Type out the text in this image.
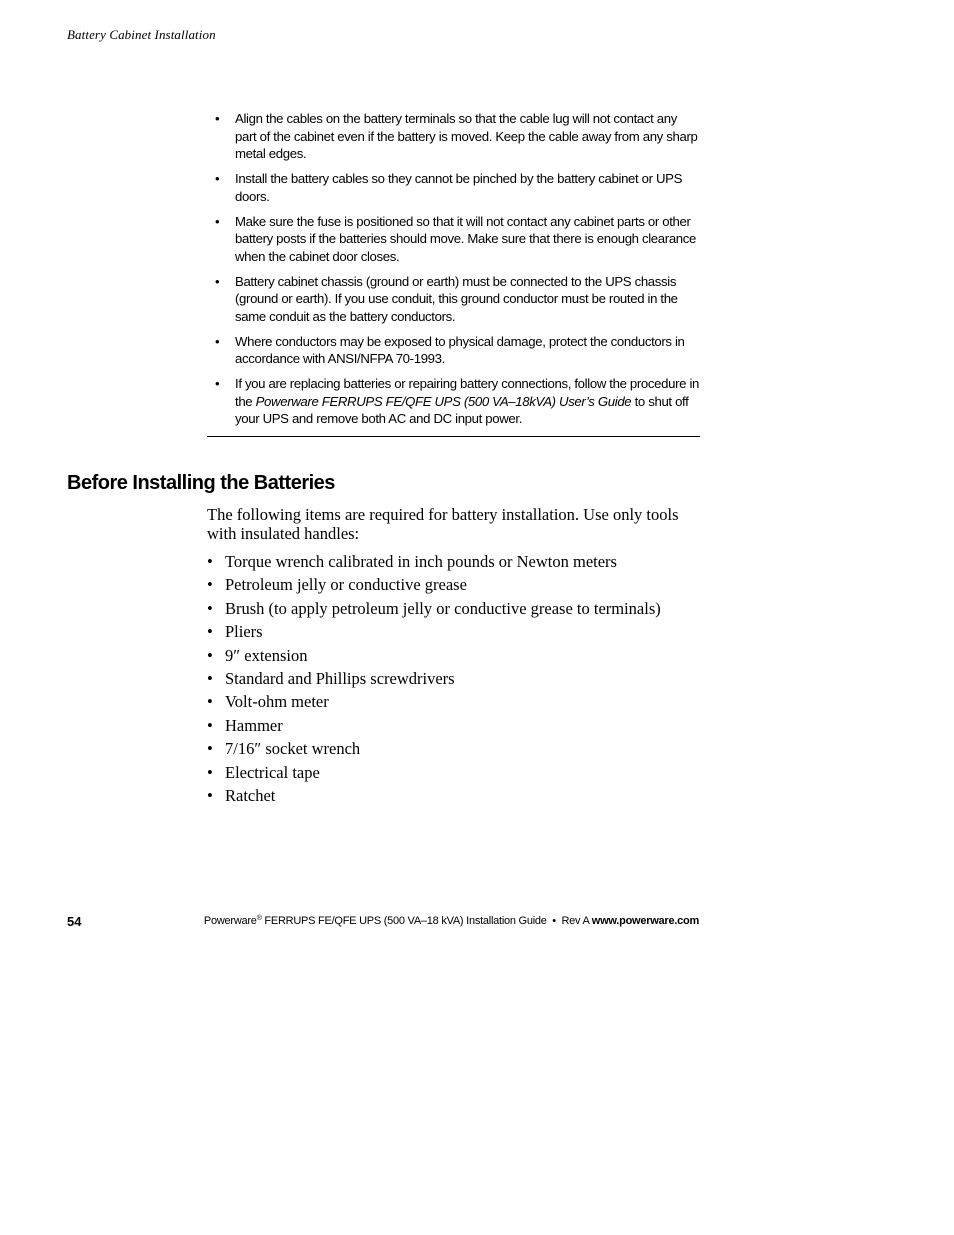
Battery Cabinet Installation
• Align the cables on the battery terminals so that the cable lug will not contact any part of the cabinet even if the battery is moved. Keep the cable away from any sharp metal edges.
• Install the battery cables so they cannot be pinched by the battery cabinet or UPS doors.
• Make sure the fuse is positioned so that it will not contact any cabinet parts or other battery posts if the batteries should move. Make sure that there is enough clearance when the cabinet door closes.
• Battery cabinet chassis (ground or earth) must be connected to the UPS chassis (ground or earth). If you use conduit, this ground conductor must be routed in the same conduit as the battery conductors.
• Where conductors may be exposed to physical damage, protect the conductors in accordance with ANSI/NFPA 70-1993.
• If you are replacing batteries or repairing battery connections, follow the procedure in the Powerware FERRUPS FE/QFE UPS (500 VA–18kVA) User’s Guide to shut off your UPS and remove both AC and DC input power.
Before Installing the Batteries

The following items are required for battery installation. Use only tools with insulated handles:

• Torque wrench calibrated in inch pounds or Newton meters
• Petroleum jelly or conductive grease
• Brush (to apply petroleum jelly or conductive grease to terminals)
• Pliers
• 9″ extension
• Standard and Phillips screwdrivers
• Volt-ohm meter
• Hammer
• 7/16″ socket wrench
• Electrical tape
• Ratchet
54	Powerware® FERRUPS FE/QFE UPS (500 VA–18 kVA) Installation Guide  •  Rev A www.powerware.com
